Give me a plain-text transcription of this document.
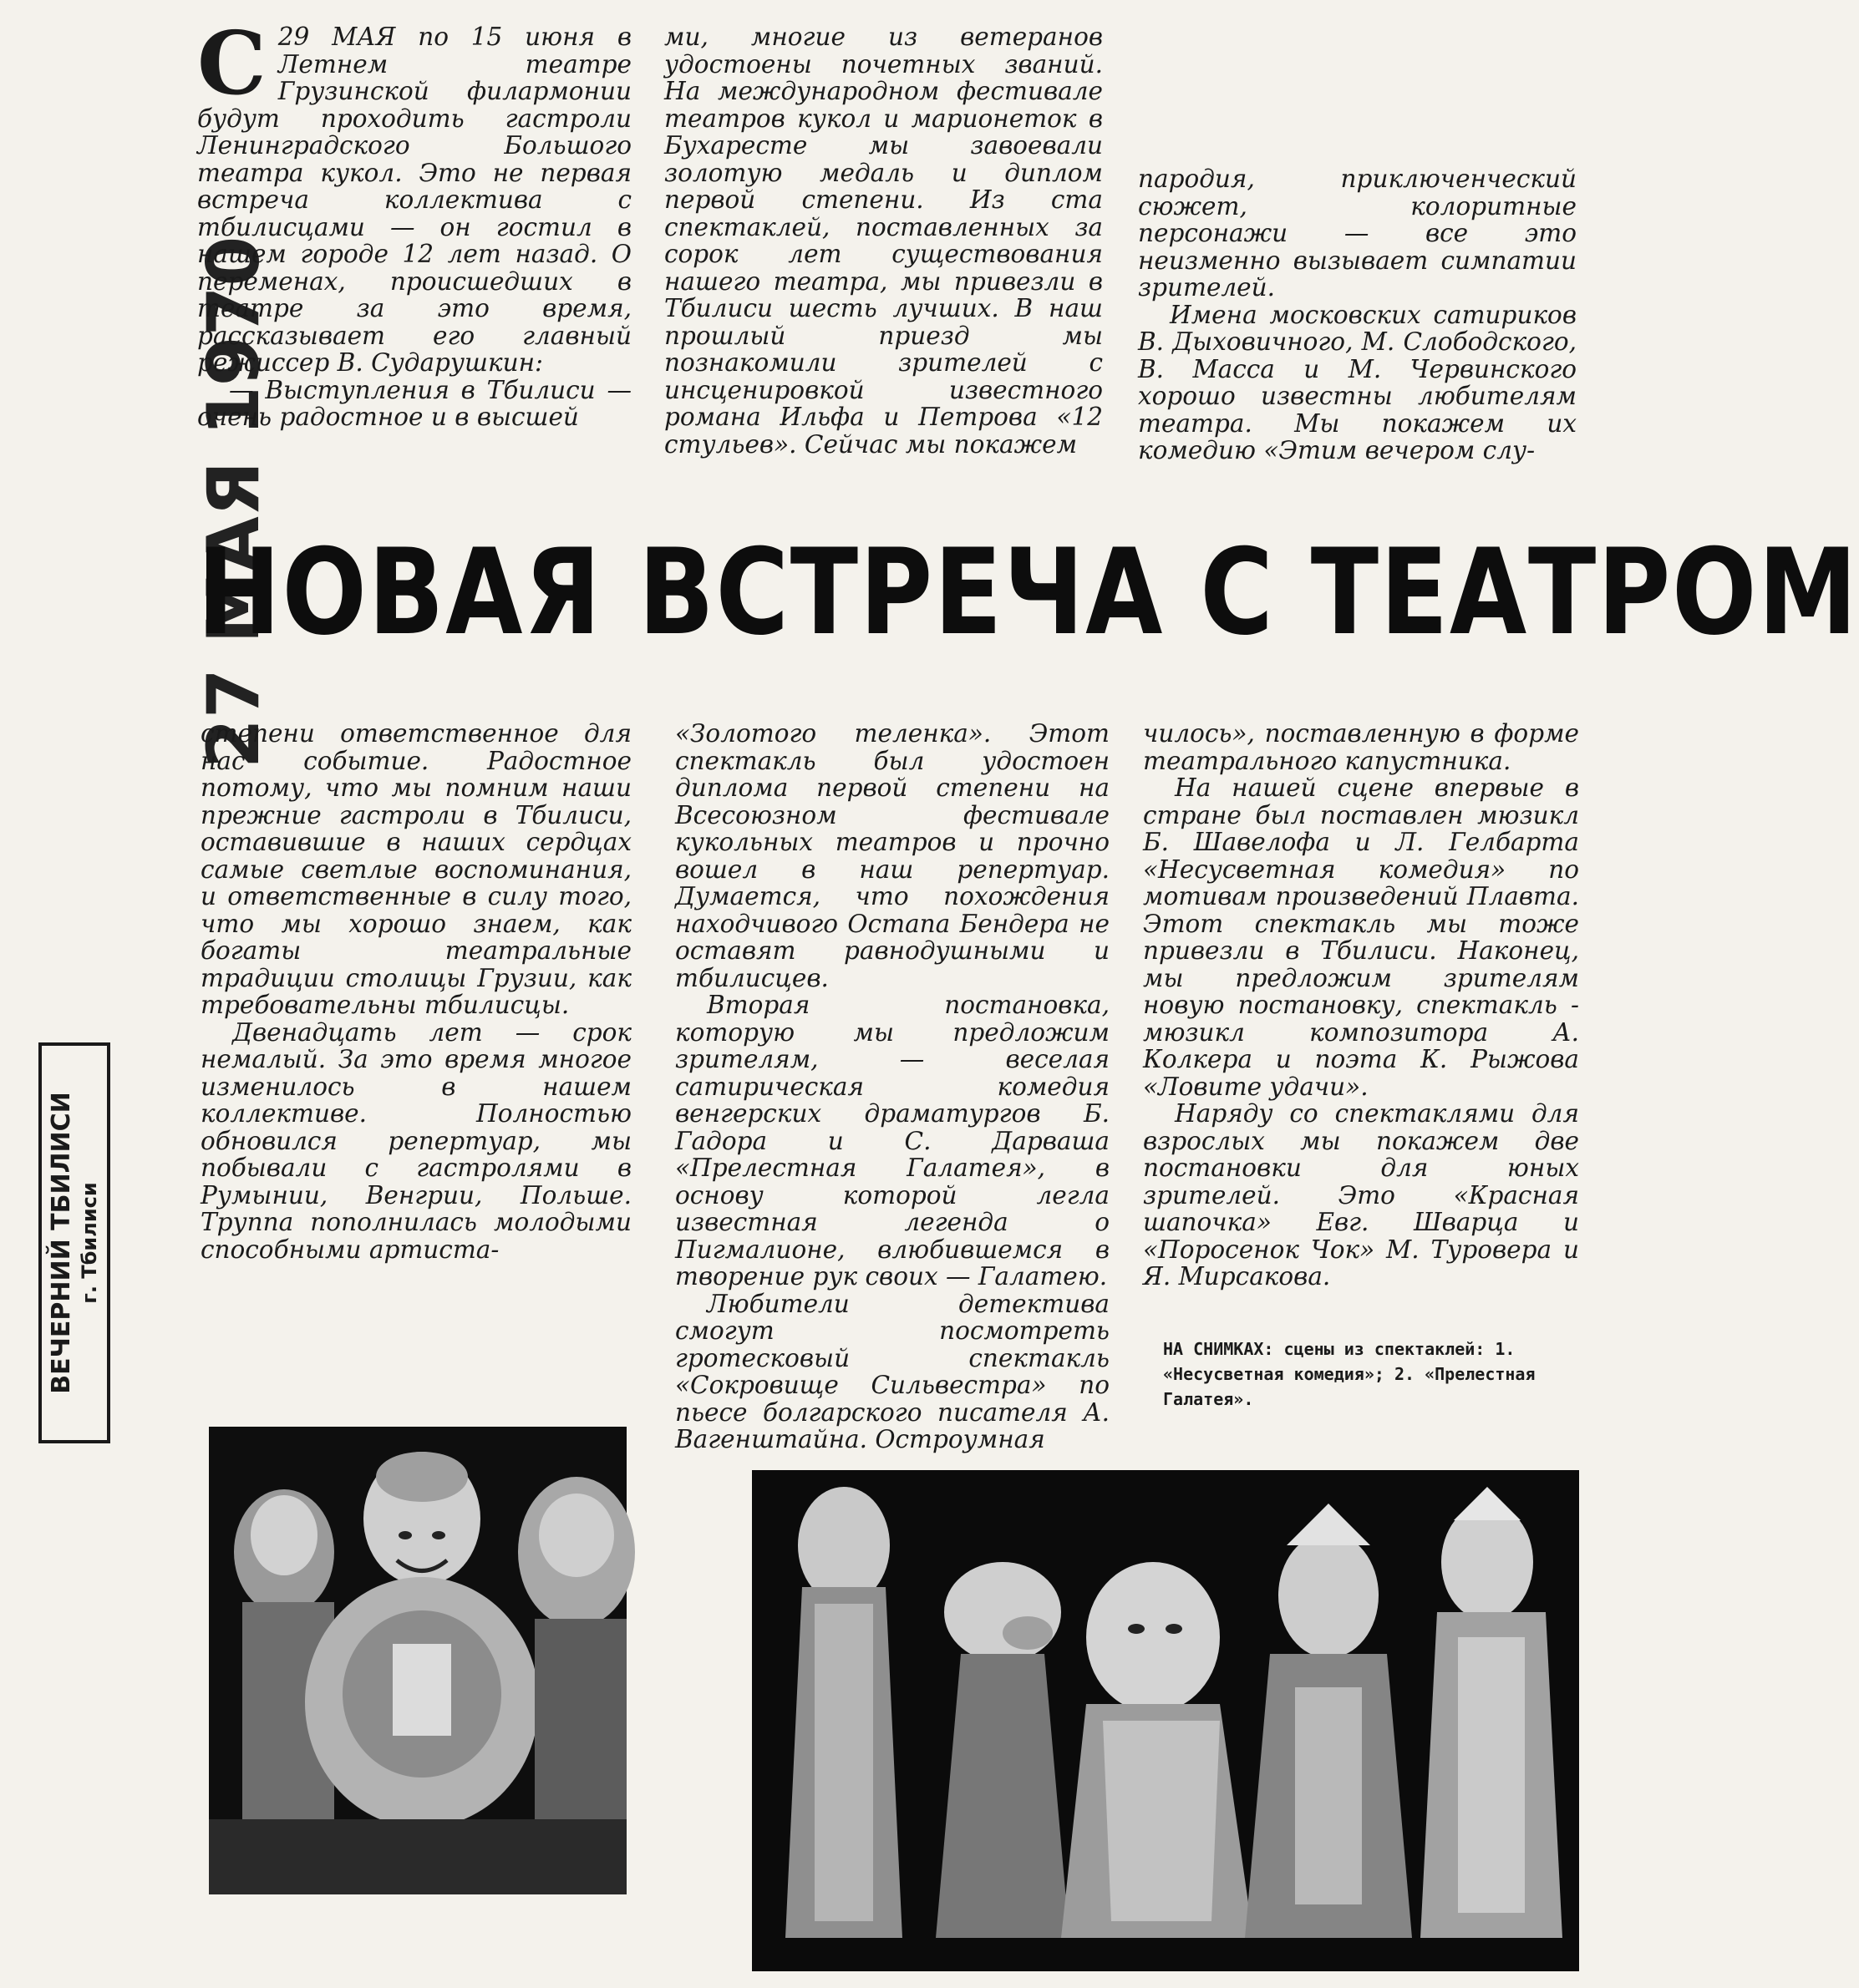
27 МАЯ 1970
С 29 МАЯ по 15 июня в Летнем театре Грузинской филармонии будут проходить гастроли Ленинградского Большого театра кукол. Это не первая встреча коллектива с тбилисцами — он гостил в нашем городе 12 лет назад. О переменах, происшедших в театре за это время, рассказывает его главный режиссер В. Сударушкин:

— Выступления в Тбилиси — очень радостное и в высшей

ми, многие из ветеранов удостоены почетных званий. На международном фестивале театров кукол и марионеток в Бухаресте мы завоевали золотую медаль и диплом первой степени. Из ста спектаклей, поставленных за сорок лет существования нашего театра, мы привезли в Тбилиси шесть лучших. В наш прошлый приезд мы познакомили зрителей с инсценировкой известного романа Ильфа и Петрова «12 стульев». Сейчас мы покажем

пародия, приключенческий сюжет, колоритные персонажи — все это неизменно вызывает симпатии зрителей.

Имена московских сатириков В. Дыховичного, М. Слободского, В. Масса и М. Червинского хорошо известны любителям театра. Мы покажем их комедию «Этим вечером слу-

НОВАЯ ВСТРЕЧА С ТЕАТРОМ

степени ответственное для нас событие. Радостное потому, что мы помним наши прежние гастроли в Тбилиси, оставившие в наших сердцах самые светлые воспоминания, и ответственные в силу того, что мы хорошо знаем, как богаты театральные традиции столицы Грузии, как требовательны тбилисцы.

Двенадцать лет — срок немалый. За это время многое изменилось в нашем коллективе. Полностью обновился репертуар, мы побывали с гастролями в Румынии, Венгрии, Польше. Труппа пополнилась молодыми способными артиста-

«Золотого теленка». Этот спектакль был удостоен диплома первой степени на Всесоюзном фестивале кукольных театров и прочно вошел в наш репертуар. Думается, что похождения находчивого Остапа Бендера не оставят равнодушными и тбилисцев.

Вторая постановка, которую мы предложим зрителям, — веселая сатирическая комедия венгерских драматургов Б. Гадора и С. Дарваша «Прелестная Галатея», в основу которой легла известная легенда о Пигмалионе, влюбившемся в творение рук своих — Галатею.

Любители детектива смогут посмотреть гротесковый спектакль «Сокровище Сильвестра» по пьесе болгарского писателя А. Вагенштайна. Остроумная

чилось», поставленную в форме театрального капустника.

На нашей сцене впервые в стране был поставлен мюзикл Б. Шавелофа и Л. Гелбарта «Несусветная комедия» по мотивам произведений Плавта. Этот спектакль мы тоже привезли в Тбилиси. Наконец, мы предложим зрителям новую постановку, спектакль - мюзикл композитора А. Колкера и поэта К. Рыжова «Ловите удачи».

Наряду со спектаклями для взрослых мы покажем две постановки для юных зрителей. Это «Красная шапочка» Евг. Шварца и «Поросенок Чок» М. Туровера и Я. Мирсакова.

НА СНИМКАХ: сцены из спектаклей: 1. «Несусветная комедия»; 2. «Прелестная Галатея».
ВЕЧЕРНИЙ ТБИЛИСИ г. Тбилиси
